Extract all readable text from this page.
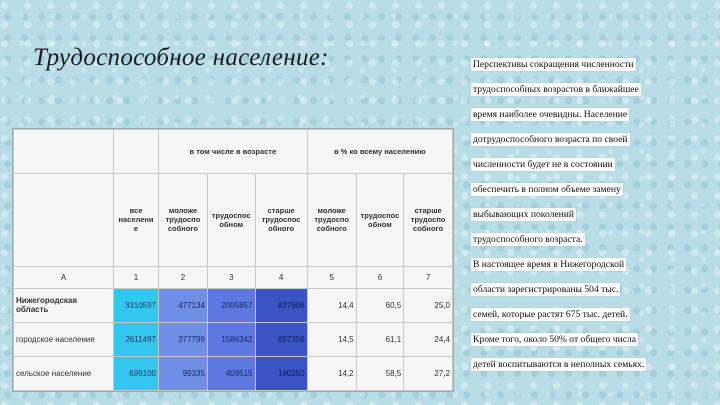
Трудоспособное население:
		в том числе в возрасте			в % ко всему населению		
	все населени е	моложе трудоспо собного	трудоспос обном	старше трудоспос обного	моложе трудоспо собного	трудоспос обном	старше трудоспо собного
А	1	2	3	4	5	6	7
Нижегородская область	3310597	477134	2005857	827606	14,4	60,5	25,0
городское население	2611497	377799	1586342	657356	14,5	61,1	24,4
сельское население	699100	99335	409515	190250	14,2	58,5	27,2
Перспективы сокращения численности
трудоспособных возрастов в ближайшее
время наиболее очевидны. Население
дотрудоспособного возраста по своей
численности будет не в состоянии
обеспечить в полном объеме замену
выбывающих поколений
трудоспособного возраста.
В настоящее время в Нижегородской
области зарегистрированы 504 тыс.
семей, которые растят 675 тыс. детей.
Кроме того, около 50% от общего числа
детей воспитываются в неполных семьях.
